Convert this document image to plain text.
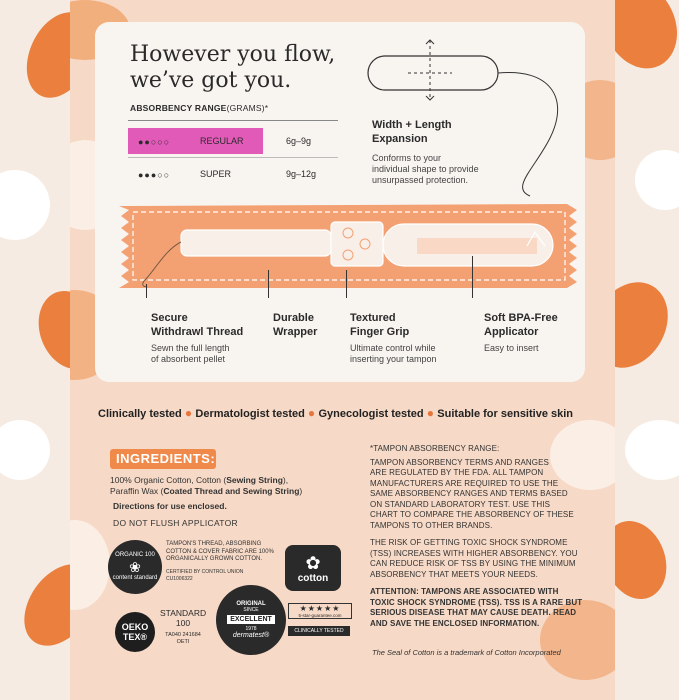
However you flow,
we’ve got you.
ABSORBENCY RANGE(GRAMS)*
●●○○○	REGULAR	6g–9g
●●●○○	SUPER	9g–12g
Width + Length
Expansion
Conforms to your
individual shape to provide
unsurpassed protection.
Secure
Withdrawl Thread
Sewn the full length
of absorbent pellet
Durable
Wrapper
Textured
Finger Grip
Ultimate control while
inserting your tampon
Soft BPA-Free
Applicator
Easy to insert
Clinically tested ● Dermatologist tested ● Gynecologist tested ● Suitable for sensitive skin
INGREDIENTS:
100% Organic Cotton, Cotton (Sewing String),
Paraffin Wax (Coated Thread and Sewing String)
Directions for use enclosed.
DO NOT FLUSH APPLICATOR
ORGANIC 100
❀
content standard
TAMPON'S THREAD, ABSORBING
COTTON & COVER FABRIC ARE 100%
ORGANICALLY GROWN COTTON.
CERTIFIED BY CONTROL UNION
CU1006322
✿
cotton
OEKO
TEX®
STANDARD
100
TA040 241684
OETI
ORIGINAL
SINCE
EXCELLENT
1978
dermatest®
★★★★★
5-star-guarantee.com
CLINICALLY TESTED
*TAMPON ABSORBENCY RANGE:
TAMPON ABSORBENCY TERMS AND RANGES
ARE REGULATED BY THE FDA. ALL TAMPON
MANUFACTURERS ARE REQUIRED TO USE THE
SAME ABSORBENCY RANGES AND TERMS BASED
ON STANDARD LABORATORY TEST. USE THIS
CHART TO COMPARE THE ABSORBENCY OF THESE
TAMPONS TO OTHER BRANDS.
THE RISK OF GETTING TOXIC SHOCK SYNDROME
(TSS) INCREASES WITH HIGHER ABSORBENCY. YOU
CAN REDUCE RISK OF TSS BY USING THE MINIMUM
ABSORBENCY THAT MEETS YOUR NEEDS.
ATTENTION: TAMPONS ARE ASSOCIATED WITH
TOXIC SHOCK SYNDROME (TSS). TSS IS A RARE BUT
SERIOUS DISEASE THAT MAY CAUSE DEATH. READ
AND SAVE THE ENCLOSED INFORMATION.
The Seal of Cotton is a trademark of Cotton Incorporated
